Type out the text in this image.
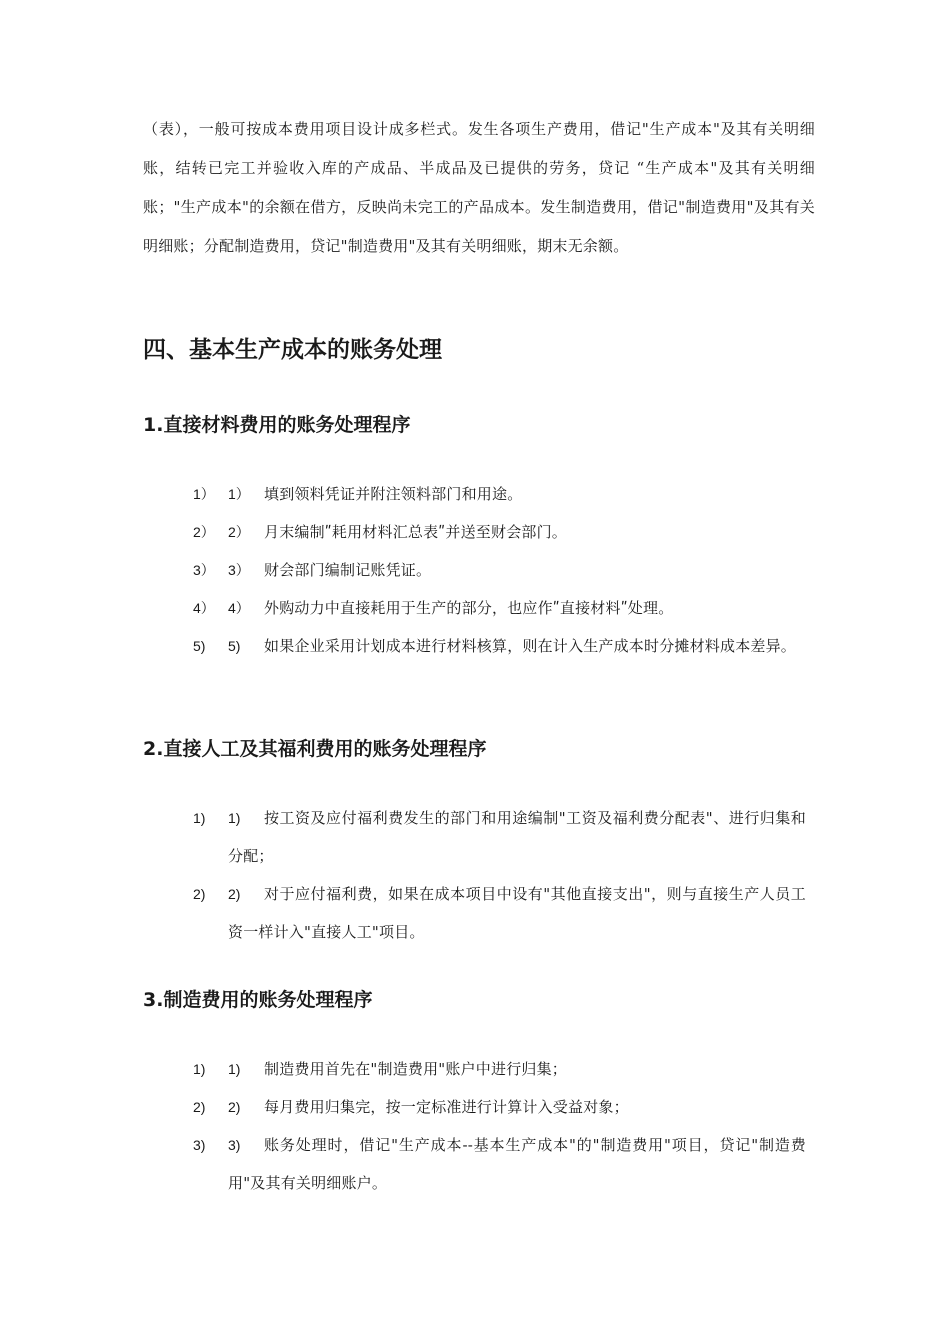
（表），一般可按成本费用项目设计成多栏式。发生各项生产费用，借记"生产成本"及其有关明细账，结转已完工并验收入库的产成品、半成品及已提供的劳务，贷记 “生产成本"及其有关明细账；"生产成本"的余额在借方，反映尚未完工的产品成本。发生制造费用，借记"制造费用"及其有关明细账；分配制造费用，贷记"制造费用"及其有关明细账，期末无余额。
四、基本生产成本的账务处理
1.直接材料费用的账务处理程序
1） 1） 填到领料凭证并附注领料部门和用途。
2） 2） 月末编制ʺ耗用材料汇总表ʺ并送至财会部门。
3） 3） 财会部门编制记账凭证。
4） 4） 外购动力中直接耗用于生产的部分，也应作ʺ直接材料ʺ处理。
5) 5)	如果企业采用计划成本进行材料核算，则在计入生产成本时分摊材料成本差异。
2.直接人工及其福利费用的账务处理程序
1) 1)	按工资及应付福利费发生的部门和用途编制"工资及福利费分配表"、进行归集和分配；
2) 2)	对于应付福利费，如果在成本项目中设有"其他直接支出"，则与直接生产人员工资一样计入"直接人工"项目。
3.制造费用的账务处理程序
1) 1)	制造费用首先在"制造费用"账户中进行归集；
2) 2)	每月费用归集完，按一定标准进行计算计入受益对象；
3) 3)	账务处理时，借记"生产成本--基本生产成本"的"制造费用"项目，贷记"制造费用"及其有关明细账户。
